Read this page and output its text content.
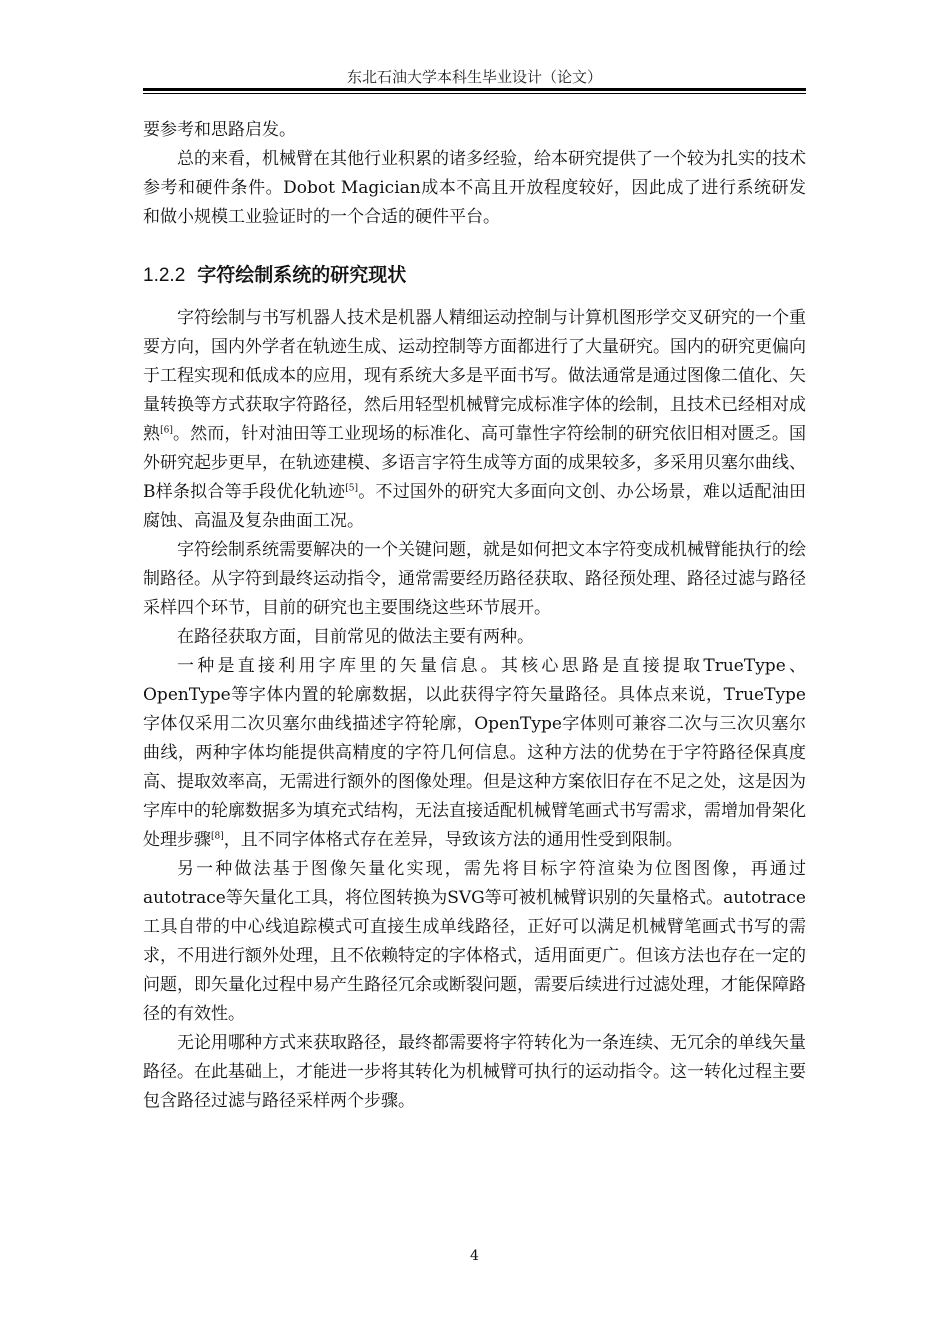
东北石油大学本科生毕业设计（论文）

要参考和思路启发。

总的来看，机械臂在其他行业积累的诸多经验，给本研究提供了一个较为扎实的技术参考和硬件条件。Dobot Magician成本不高且开放程度较好，因此成了进行系统研发和做小规模工业验证时的一个合适的硬件平台。

1.2.2 字符绘制系统的研究现状

字符绘制与书写机器人技术是机器人精细运动控制与计算机图形学交叉研究的一个重要方向，国内外学者在轨迹生成、运动控制等方面都进行了大量研究。国内的研究更偏向于工程实现和低成本的应用，现有系统大多是平面书写。做法通常是通过图像二值化、矢量转换等方式获取字符路径，然后用轻型机械臂完成标准字体的绘制，且技术已经相对成熟[6]。然而，针对油田等工业现场的标准化、高可靠性字符绘制的研究依旧相对匮乏。国外研究起步更早，在轨迹建模、多语言字符生成等方面的成果较多，多采用贝塞尔曲线、B样条拟合等手段优化轨迹[5]。不过国外的研究大多面向文创、办公场景，难以适配油田腐蚀、高温及复杂曲面工况。

字符绘制系统需要解决的一个关键问题，就是如何把文本字符变成机械臂能执行的绘制路径。从字符到最终运动指令，通常需要经历路径获取、路径预处理、路径过滤与路径采样四个环节，目前的研究也主要围绕这些环节展开。

在路径获取方面，目前常见的做法主要有两种。

一种是直接利用字库里的矢量信息。其核心思路是直接提取TrueType、OpenType等字体内置的轮廓数据，以此获得字符矢量路径。具体点来说，TrueType字体仅采用二次贝塞尔曲线描述字符轮廓，OpenType字体则可兼容二次与三次贝塞尔曲线，两种字体均能提供高精度的字符几何信息。这种方法的优势在于字符路径保真度高、提取效率高，无需进行额外的图像处理。但是这种方案依旧存在不足之处，这是因为字库中的轮廓数据多为填充式结构，无法直接适配机械臂笔画式书写需求，需增加骨架化处理步骤[8]，且不同字体格式存在差异，导致该方法的通用性受到限制。

另一种做法基于图像矢量化实现，需先将目标字符渲染为位图图像，再通过autotrace等矢量化工具，将位图转换为SVG等可被机械臂识别的矢量格式。autotrace工具自带的中心线追踪模式可直接生成单线路径，正好可以满足机械臂笔画式书写的需求，不用进行额外处理，且不依赖特定的字体格式，适用面更广。但该方法也存在一定的问题，即矢量化过程中易产生路径冗余或断裂问题，需要后续进行过滤处理，才能保障路径的有效性。

无论用哪种方式来获取路径，最终都需要将字符转化为一条连续、无冗余的单线矢量路径。在此基础上，才能进一步将其转化为机械臂可执行的运动指令。这一转化过程主要包含路径过滤与路径采样两个步骤。

4
